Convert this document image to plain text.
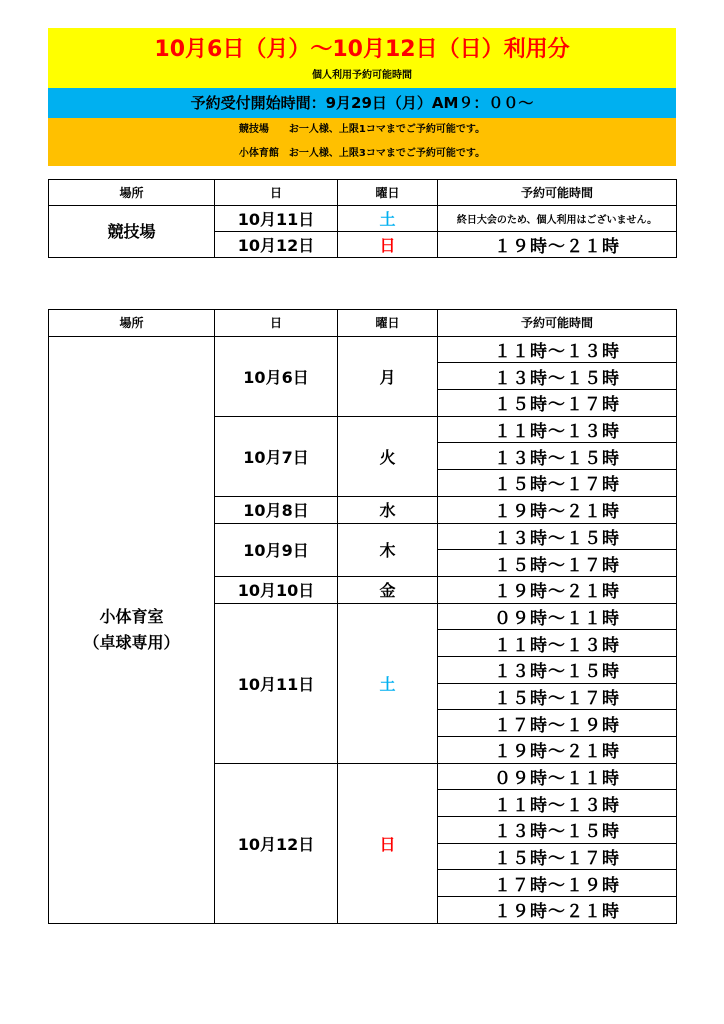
10月6日（月）～10月12日（日）利用分
個人利用予約可能時間
予約受付開始時間：9月29日（月）AM９：００～
競技場　　お一人様、上限1コマまでご予約可能です。
小体育館　お一人様、上限3コマまでご予約可能です。
場所	日	曜日	予約可能時間
競技場	10月11日	土	終日大会のため、個人利用はございません。
	10月12日	日	１９時～２１時
場所	日	曜日	予約可能時間

小体育室
（卓球専用）	10月6日	月	１１時～１３時
			１３時～１５時
			１５時～１７時
	10月7日	火	１１時～１３時
			１３時～１５時
			１５時～１７時
	10月8日	水	１９時～２１時
	10月9日	木	１３時～１５時
			１５時～１７時
	10月10日	金	１９時～２１時
	10月11日	土	０９時～１１時
			１１時～１３時
			１３時～１５時
			１５時～１７時
			１７時～１９時
			１９時～２１時
	10月12日	日	０９時～１１時
			１１時～１３時
			１３時～１５時
			１５時～１７時
			１７時～１９時
			１９時～２１時
